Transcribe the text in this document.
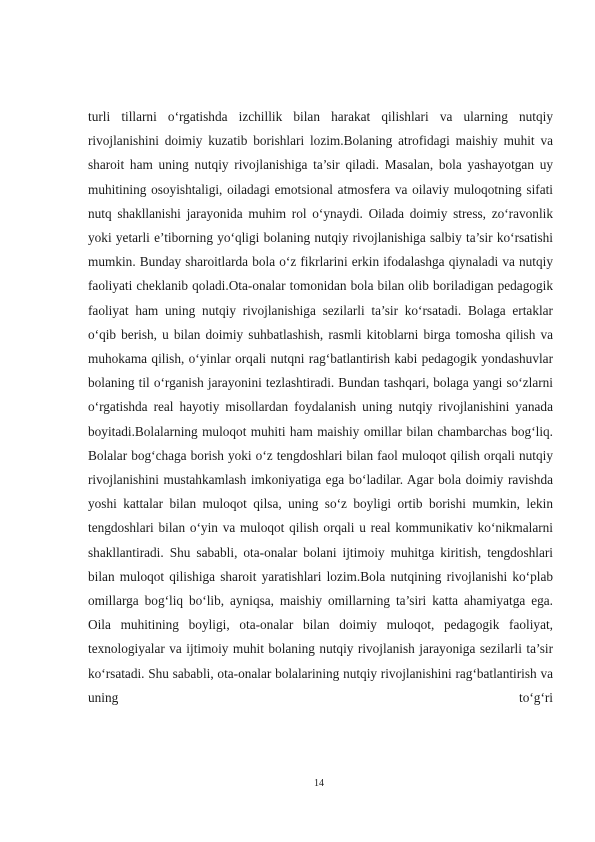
turli tillarni o‘rgatishda izchillik bilan harakat qilishlari va ularning nutqiy rivojlanishini doimiy kuzatib borishlari lozim.Bolaning atrofidagi maishiy muhit va sharoit ham uning nutqiy rivojlanishiga ta’sir qiladi. Masalan, bola yashayotgan uy muhitining osoyishtaligi, oiladagi emotsional atmosfera va oilaviy muloqotning sifati nutq shakllanishi jarayonida muhim rol o‘ynaydi. Oilada doimiy stress, zo‘ravonlik yoki yetarli e’tiborning yo‘qligi bolaning nutqiy rivojlanishiga salbiy ta’sir ko‘rsatishi mumkin. Bunday sharoitlarda bola o‘z fikrlarini erkin ifodalashga qiynaladi va nutqiy faoliyati cheklanib qoladi.Ota-onalar tomonidan bola bilan olib boriladigan pedagogik faoliyat ham uning nutqiy rivojlanishiga sezilarli ta’sir ko‘rsatadi. Bolaga ertaklar o‘qib berish, u bilan doimiy suhbatlashish, rasmli kitoblarni birga tomosha qilish va muhokama qilish, o‘yinlar orqali nutqni rag‘batlantirish kabi pedagogik yondashuvlar bolaning til o‘rganish jarayonini tezlashtiradi. Bundan tashqari, bolaga yangi so‘zlarni o‘rgatishda real hayotiy misollardan foydalanish uning nutqiy rivojlanishini yanada boyitadi.Bolalarning muloqot muhiti ham maishiy omillar bilan chambarchas bog‘liq. Bolalar bog‘chaga borish yoki o‘z tengdoshlari bilan faol muloqot qilish orqali nutqiy rivojlanishini mustahkamlash imkoniyatiga ega bo‘ladilar. Agar bola doimiy ravishda yoshi kattalar bilan muloqot qilsa, uning so‘z boyligi ortib borishi mumkin, lekin tengdoshlari bilan o‘yin va muloqot qilish orqali u real kommunikativ ko‘nikmalarni shakllantiradi. Shu sababli, ota-onalar bolani ijtimoiy muhitga kiritish, tengdoshlari bilan muloqot qilishiga sharoit yaratishlari lozim.Bola nutqining rivojlanishi ko‘plab omillarga bog‘liq bo‘lib, ayniqsa, maishiy omillarning ta’siri katta ahamiyatga ega. Oila muhitining boyligi, ota-onalar bilan doimiy muloqot, pedagogik faoliyat, texnologiyalar va ijtimoiy muhit bolaning nutqiy rivojlanish jarayoniga sezilarli ta’sir ko‘rsatadi. Shu sababli, ota-onalar bolalarining nutqiy rivojlanishini rag‘batlantirish va uning to‘g‘ri

14
